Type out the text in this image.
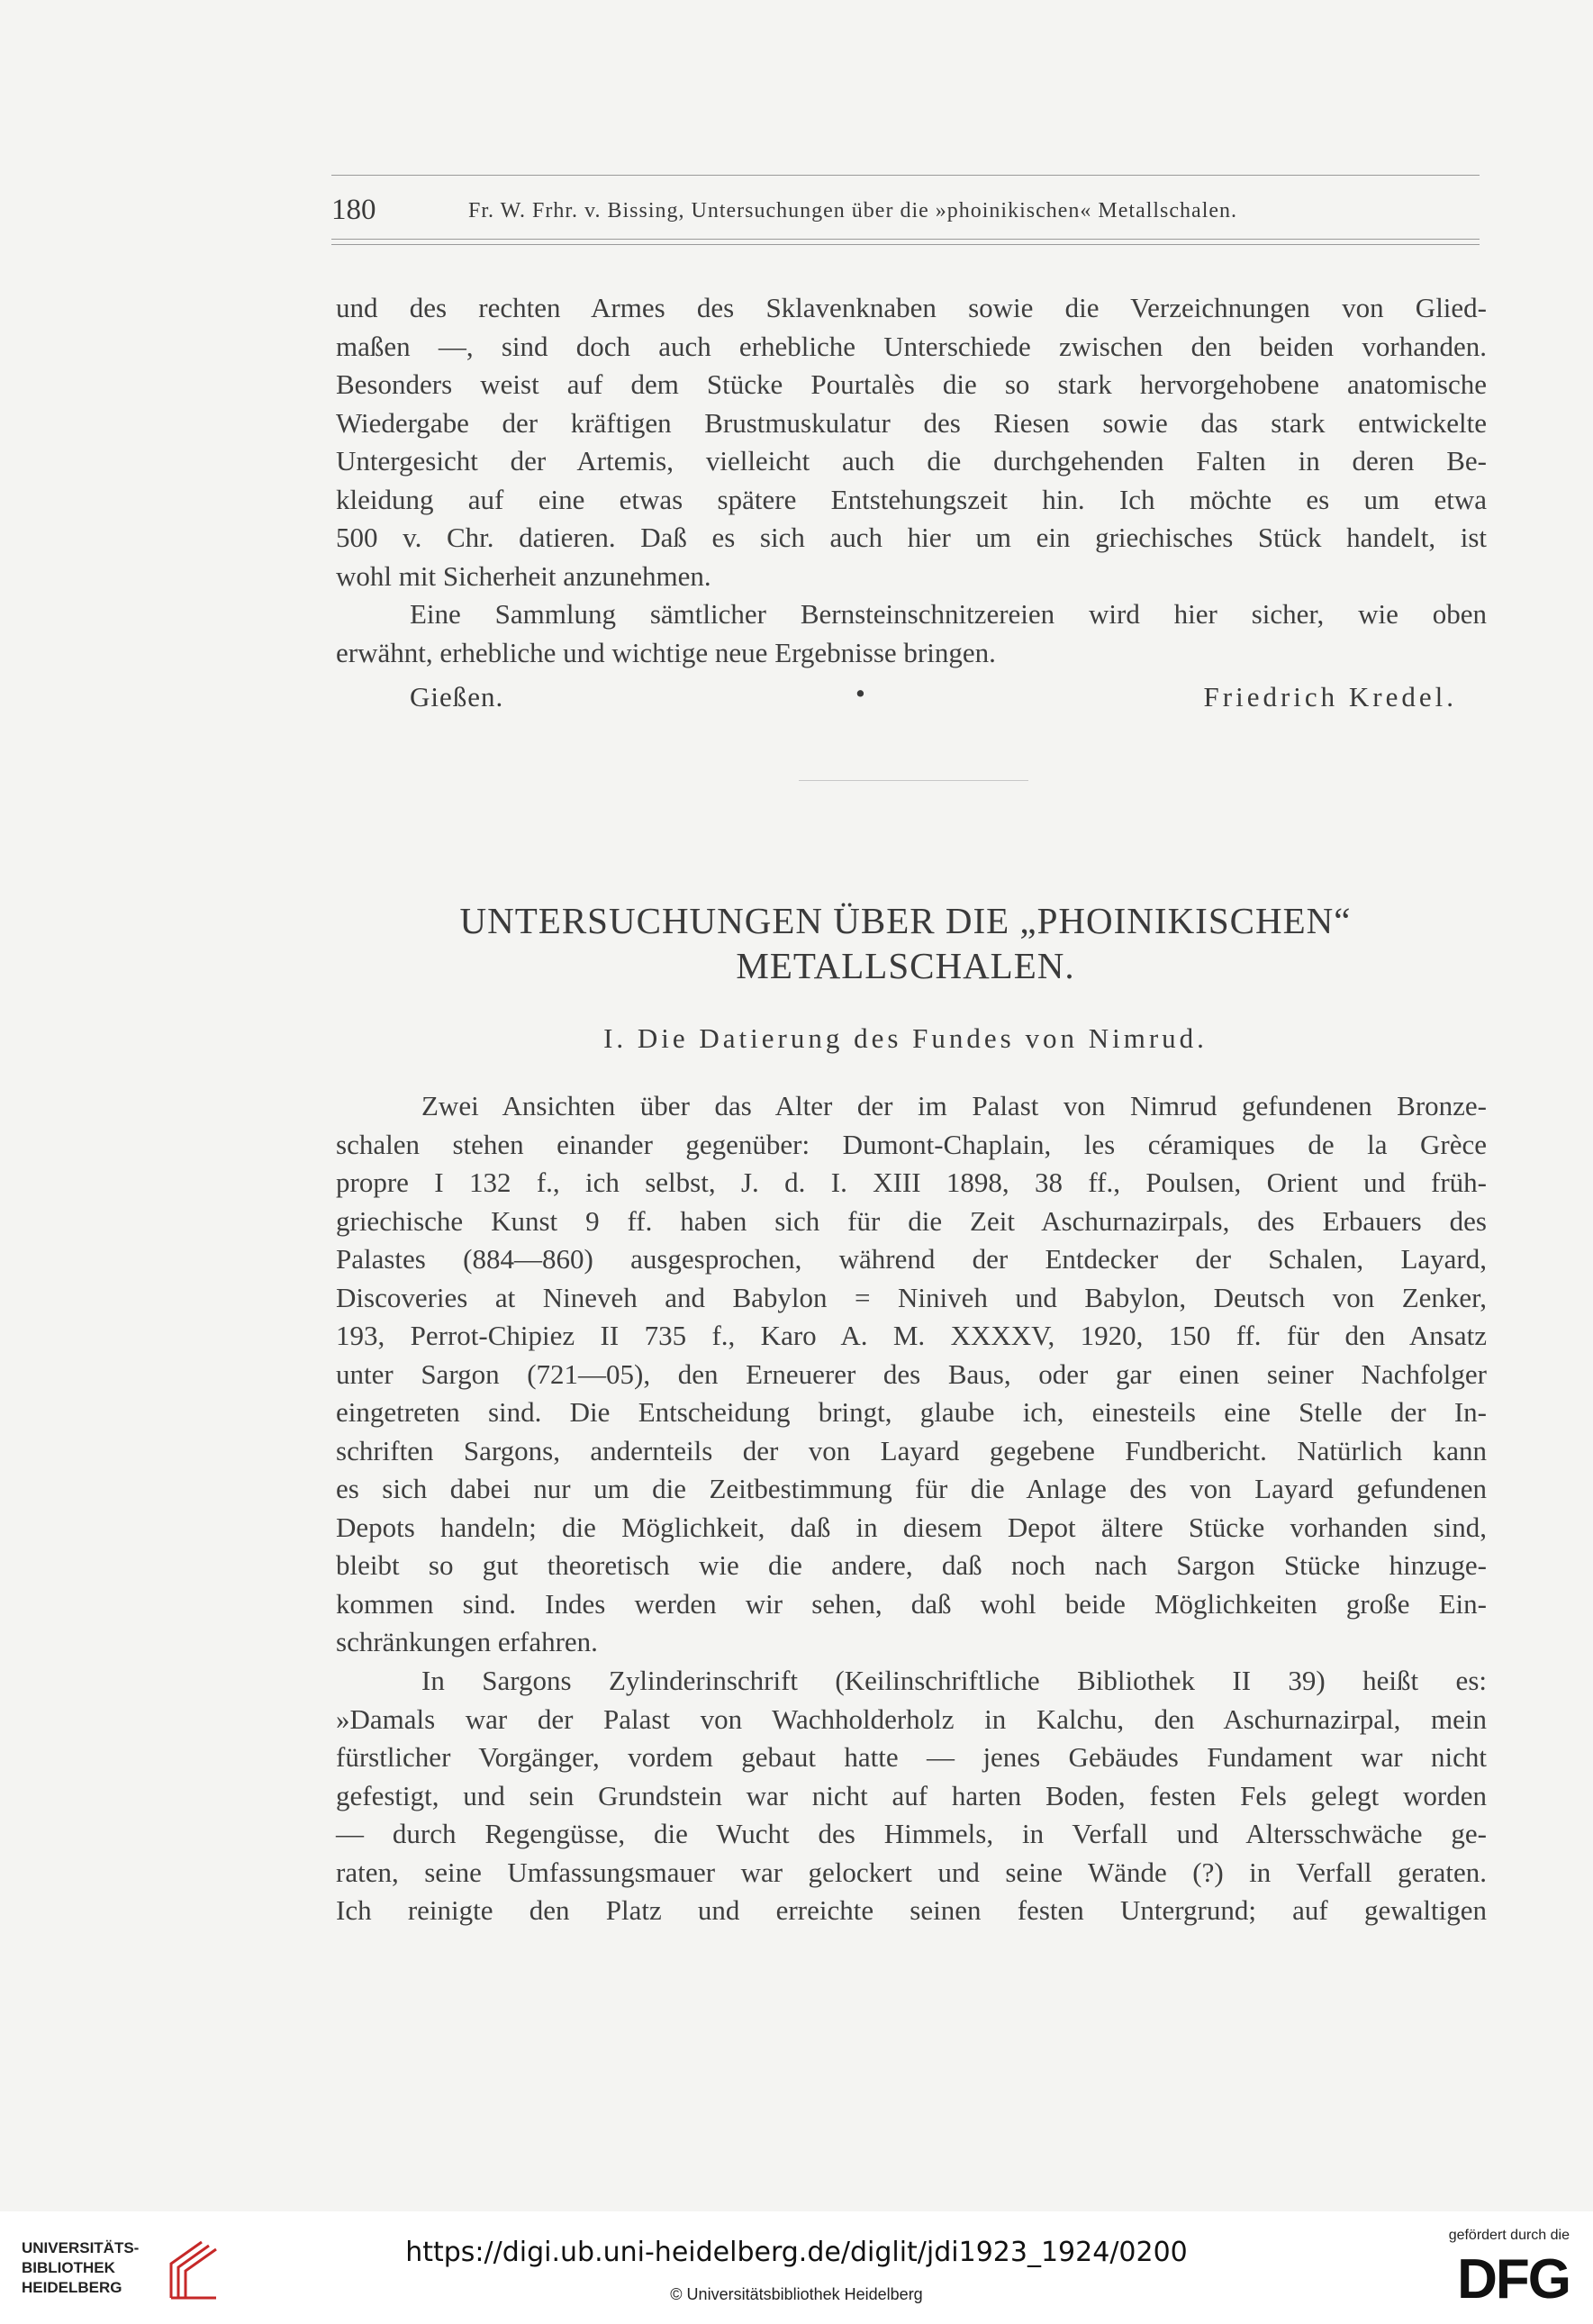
180	Fr. W. Frhr. v. Bissing, Untersuchungen über die »phoinikischen« Metallschalen.
und des rechten Armes des Sklavenknaben sowie die Verzeichnungen von Glied-
maßen —, sind doch auch erhebliche Unterschiede zwischen den beiden vorhanden.
Besonders weist auf dem Stücke Pourtalès die so stark hervorgehobene anatomische
Wiedergabe der kräftigen Brustmuskulatur des Riesen sowie das stark entwickelte
Untergesicht der Artemis, vielleicht auch die durchgehenden Falten in deren Be-
kleidung auf eine etwas spätere Entstehungszeit hin. Ich möchte es um etwa
500 v. Chr. datieren. Daß es sich auch hier um ein griechisches Stück handelt, ist
wohl mit Sicherheit anzunehmen.
Eine Sammlung sämtlicher Bernsteinschnitzereien wird hier sicher, wie oben
erwähnt, erhebliche und wichtige neue Ergebnisse bringen.
Gießen.	•	Friedrich Kredel.
UNTERSUCHUNGEN ÜBER DIE „PHOINIKISCHEN“
METALLSCHALEN.
I. Die Datierung des Fundes von Nimrud.
Zwei Ansichten über das Alter der im Palast von Nimrud gefundenen Bronze-
schalen stehen einander gegenüber: Dumont-Chaplain, les céramiques de la Grèce
propre I 132 f., ich selbst, J. d. I. XIII 1898, 38 ff., Poulsen, Orient und früh-
griechische Kunst 9 ff. haben sich für die Zeit Aschurnazirpals, des Erbauers des
Palastes (884—860) ausgesprochen, während der Entdecker der Schalen, Layard,
Discoveries at Nineveh and Babylon = Niniveh und Babylon, Deutsch von Zenker,
193, Perrot-Chipiez II 735 f., Karo A. M. XXXXV, 1920, 150 ff. für den Ansatz
unter Sargon (721—05), den Erneuerer des Baus, oder gar einen seiner Nachfolger
eingetreten sind. Die Entscheidung bringt, glaube ich, einesteils eine Stelle der In-
schriften Sargons, andernteils der von Layard gegebene Fundbericht. Natürlich kann
es sich dabei nur um die Zeitbestimmung für die Anlage des von Layard gefundenen
Depots handeln; die Möglichkeit, daß in diesem Depot ältere Stücke vorhanden sind,
bleibt so gut theoretisch wie die andere, daß noch nach Sargon Stücke hinzuge-
kommen sind. Indes werden wir sehen, daß wohl beide Möglichkeiten große Ein-
schränkungen erfahren.
In Sargons Zylinderinschrift (Keilinschriftliche Bibliothek II 39) heißt es:
»Damals war der Palast von Wachholderholz in Kalchu, den Aschurnazirpal, mein
fürstlicher Vorgänger, vordem gebaut hatte — jenes Gebäudes Fundament war nicht
gefestigt, und sein Grundstein war nicht auf harten Boden, festen Fels gelegt worden
— durch Regengüsse, die Wucht des Himmels, in Verfall und Altersschwäche ge-
raten, seine Umfassungsmauer war gelockert und seine Wände (?) in Verfall geraten.
Ich reinigte den Platz und erreichte seinen festen Untergrund; auf gewaltigen
UNIVERSITÄTS-
BIBLIOTHEK
HEIDELBERG
https://digi.ub.uni-heidelberg.de/diglit/jdi1923_1924/0200
© Universitätsbibliothek Heidelberg
gefördert durch die
DFG
